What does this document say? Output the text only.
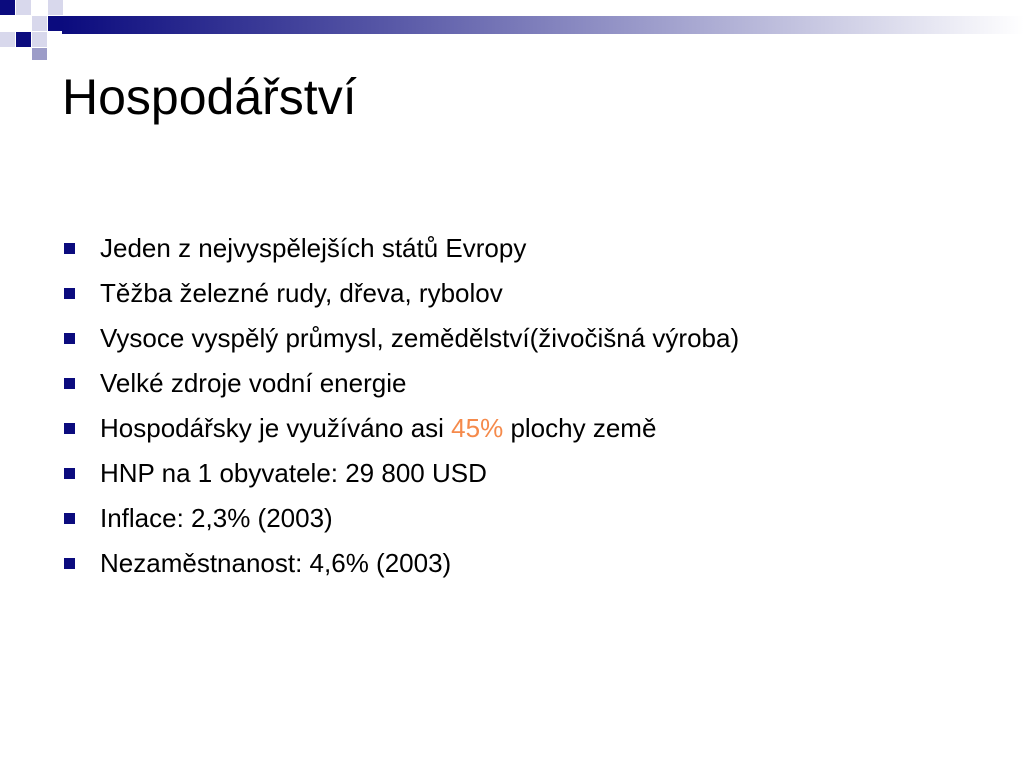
Hospodářství
Jeden z nejvyspělejších států Evropy
Těžba železné rudy, dřeva, rybolov
Vysoce vyspělý průmysl, zemědělství(živočišná výroba)
Velké zdroje vodní energie
Hospodářsky je využíváno asi 45% plochy země
HNP na 1 obyvatele: 29 800 USD
Inflace: 2,3% (2003)
Nezaměstnanost: 4,6% (2003)
